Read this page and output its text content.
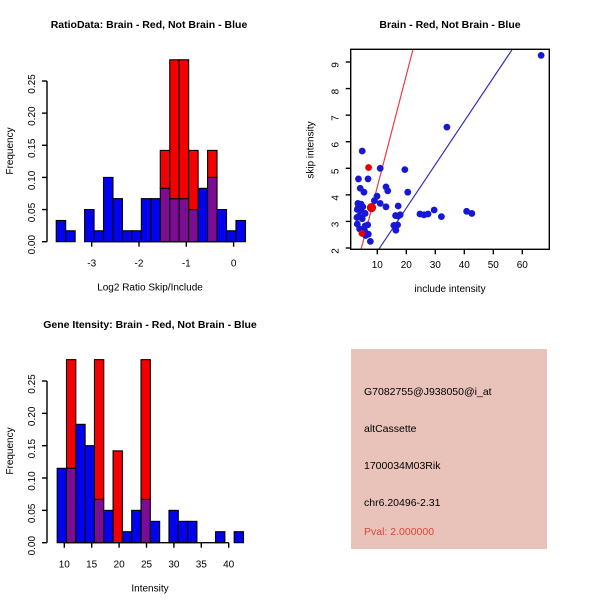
0.00
0.05
0.10
0.15
0.20
0.25
Frequency
-3	-2	-1	0
Log2 Ratio Skip/Include
RatioData: Brain - Red, Not Brain - Blue	Brain - Red, Not Brain - Blue
2
3
4
5
6
7
8
9
10 20 30 40 50 60
skip intensity
include intensity
0.00
0.05
0.10
0.15
0.20
0.25
Frequency
10 15 20 25 30 35 40
Intensity
Gene Itensity: Brain - Red, Not Brain - Blue
G7082755@J938050@i_at
altCassette
1700034M03Rik
chr6.20496-2.31
Pval: 2.000000
